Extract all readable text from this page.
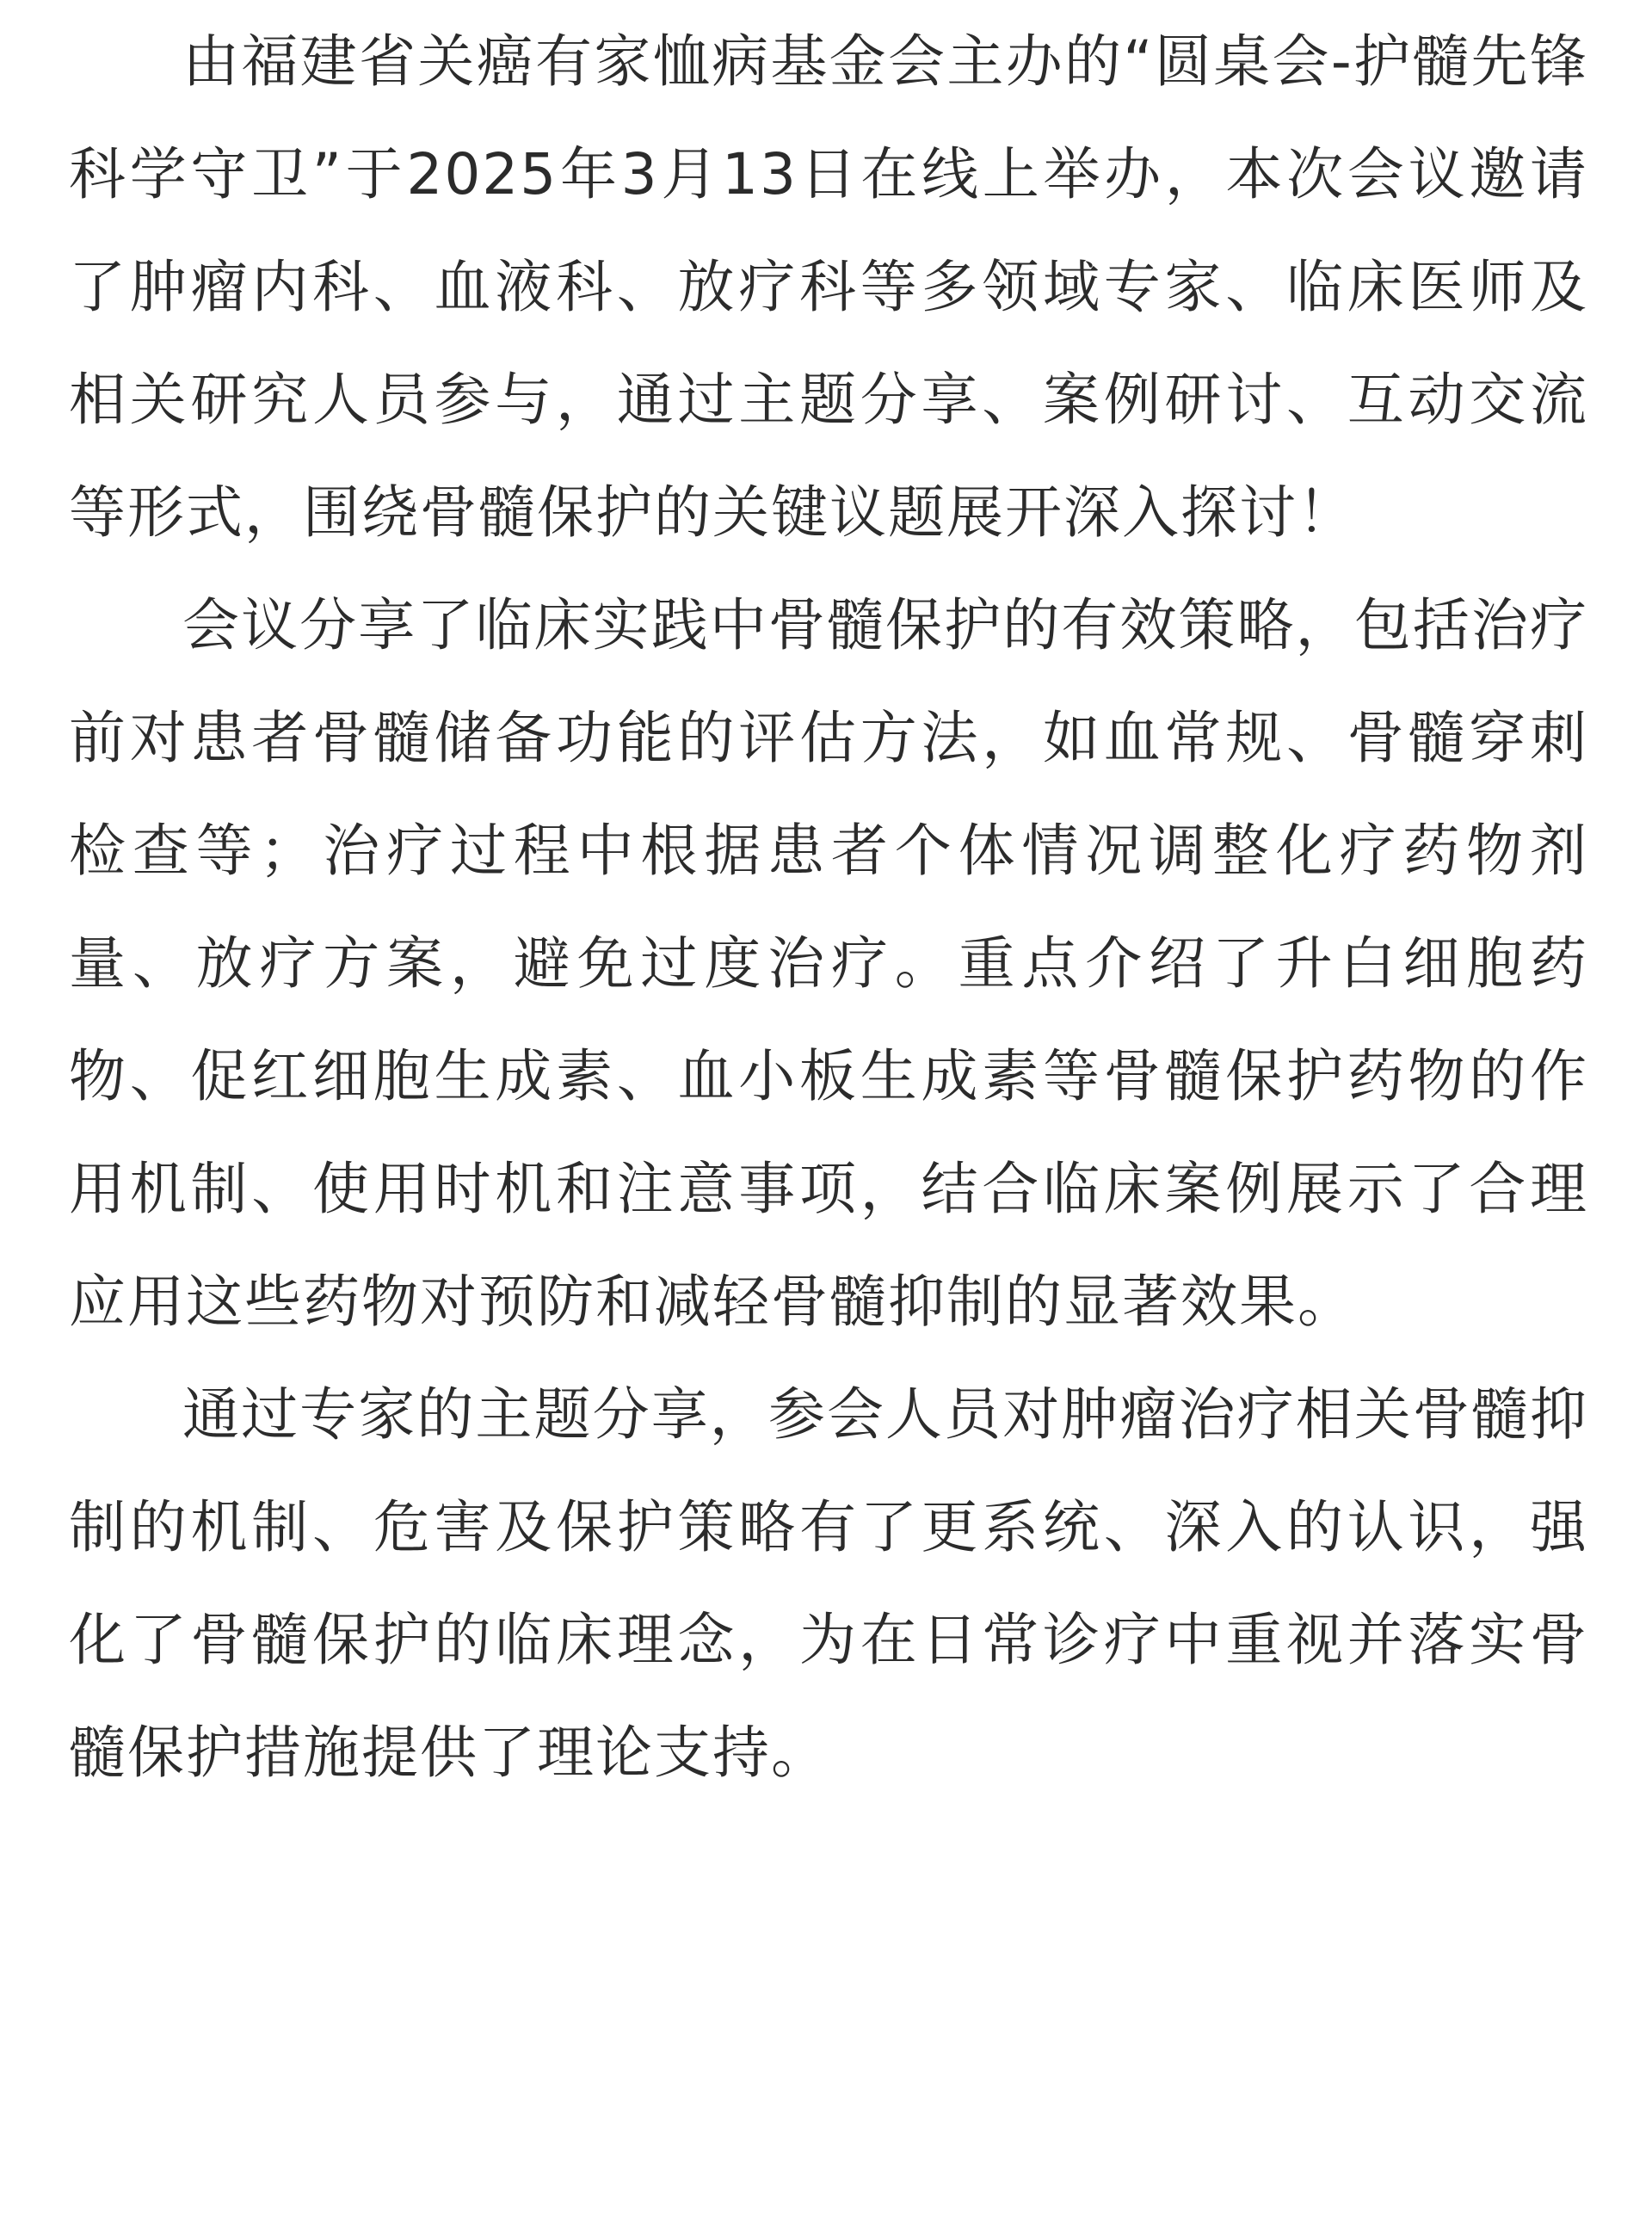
由福建省关癌有家恤病基金会主办的“圆桌会-护髓先锋 科学守卫”于2025年3月13日在线上举办，本次会议邀请了肿瘤内科、血液科、放疗科等多领域专家、临床医师及相关研究人员参与，通过主题分享、案例研讨、互动交流等形式，围绕骨髓保护的关键议题展开深入探讨！

会议分享了临床实践中骨髓保护的有效策略，包括治疗前对患者骨髓储备功能的评估方法，如血常规、骨髓穿刺检查等；治疗过程中根据患者个体情况调整化疗药物剂量、放疗方案，避免过度治疗。重点介绍了升白细胞药物、促红细胞生成素、血小板生成素等骨髓保护药物的作用机制、使用时机和注意事项，结合临床案例展示了合理应用这些药物对预防和减轻骨髓抑制的显著效果。

通过专家的主题分享，参会人员对肿瘤治疗相关骨髓抑制的机制、危害及保护策略有了更系统、深入的认识，强化了骨髓保护的临床理念，为在日常诊疗中重视并落实骨髓保护措施提供了理论支持。
